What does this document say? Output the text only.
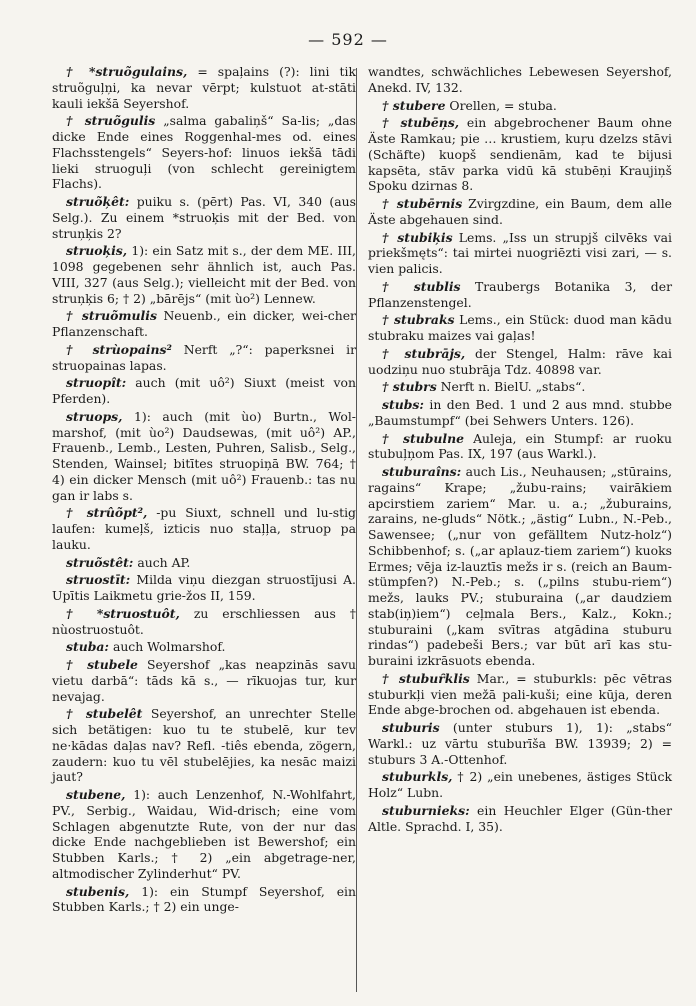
— 592 —

† *struõgulains, = spaļains (?): lini tik struõguļņi, ka nevar vērpt; kulstuot at-stāti kauli iekšā Seyershof.

† struõgulis „salma gabaliņš“ Sa-lis; „das dicke Ende eines Roggenhal-mes od. eines Flachsstengels“ Seyers-hof: linuos iekšā tādi lieki struoguļi (von schlecht gereinigtem Flachs).

struõķêt: puiku s. (pērt) Pas. VI, 340 (aus Selg.). Zu einem *struoķis mit der Bed. von struņķis 2?

struoķis, 1): ein Satz mit s., der dem ME. III, 1098 gegebenen sehr ähnlich ist, auch Pas. VIII, 327 (aus Selg.); vielleicht mit der Bed. von struņķis 6; † 2) „bārējs“ (mit ùo²) Lennew.

† struõmulis Neuenb., ein dicker, wei-cher Pflanzenschaft.

† strùopains² Nerft „?“: paperksnei ir struopainas lapas.

struopît: auch (mit uô²) Siuxt (meist von Pferden).

struops, 1): auch (mit ùo) Burtn., Wol-marshof, (mit ùo²) Daudsewas, (mit uô²) AP., Frauenb., Lemb., Lesten, Puhren, Salisb., Selg., Stenden, Wainsel; bitītes struopiņā BW. 764; † 4) ein dicker Mensch (mit uô²) Frauenb.: tas nu gan ir labs s.

† strûõpt², -pu Siuxt, schnell und lu-stig laufen: kumeļš, izticis nuo staļļa, struop pa lauku.

struõstêt: auch AP.

struostīt: Milda viņu diezgan struostījusi A. Upītis Laikmetu grie-žos II, 159.

† *struostuôt, zu erschliessen aus † nùostruostuôt.

stuba: auch Wolmarshof.

† stubele Seyershof „kas neapzinās savu vietu darbā“: tāds kā s., — rīkuojas tur, kur nevajag.

† stubelêt Seyershof, an unrechter Stelle sich betätigen: kuo tu te stubelē, kur tev ne·kādas daļas nav? Refl. -tiês ebenda, zögern, zaudern: kuo tu vēl stubelējies, ka nesāc maizi jaut?

stubene, 1): auch Lenzenhof, N.-Wohlfahrt, PV., Serbig., Waidau, Wid-drisch; eine vom Schlagen abgenutzte Rute, von der nur das dicke Ende nachgeblieben ist Bewershof; ein Stubben Karls.; † 2) „ein abgetrage-ner, altmodischer Zylinderhut“ PV.

stubenis, 1): ein Stumpf Seyershof, ein Stubben Karls.; † 2) ein unge-

wandtes, schwächliches Lebewesen Seyershof, Anekd. IV, 132.

† stubere Orellen, = stuba.

† stubēņs, ein abgebrochener Baum ohne Äste Ramkau; pie … krustiem, kuŗu dzelzs stāvi (Schäfte) kuopš sendienām, kad te bijusi kapsēta, stāv parka vidū kā stubēņi Kraujiņš Spoku dzirnas 8.

† stubērnis Zvirgzdine, ein Baum, dem alle Äste abgehauen sind.

† stubiķis Lems. „Iss un strupjš cilvēks vai priekšmęts“: tai mirtei nuogriēzti visi zari, — s. vien palicis.

† stublis Traubergs Botanika 3, der Pflanzenstengel.

† stubraks Lems., ein Stück: duod man kādu stubraku maizes vai gaļas!

† stubrājs, der Stengel, Halm: rāve kai uodziņu nuo stubrāja Tdz. 40898 var.

† stubrs Nerft n. BielU. „stabs“.

stubs: in den Bed. 1 und 2 aus mnd. stubbe „Baumstumpf“ (bei Sehwers Unters. 126).

† stubulne Auleja, ein Stumpf: ar ruoku stubuļņom Pas. IX, 197 (aus Warkl.).

stuburaîns: auch Lis., Neuhausen; „stūrains, ragains“ Krape; „žubu-rains; vairākiem apcirstiem zariem“ Mar. u. a.; „žuburains, zarains, ne-gluds“ Nötk.; „ästig“ Lubn., N.-Peb., Sawensee; („nur von gefälltem Nutz-holz“) Schibbenhof; s. („ar aplauz-tiem zariem“) kuoks Ermes; vēja iz-lauztīs mežs ir s. (reich an Baum-stümpfen?) N.-Peb.; s. („pilns stubu-riem“) mežs, lauks PV.; stuburaina („ar daudziem stab(iņ)iem“) ceļmala Bers., Kalz., Kokn.; stuburaini („kam svītras atgādina stuburu rindas“) padebeši Bers.; var būt arī kas stu-buraini izkrāsuots ebenda.

† stubuȓklis Mar., = stuburkls: pēc vētras stuburkļi vien mežā pali-kuši; eine kūja, deren Ende abge-brochen od. abgehauen ist ebenda.

stuburis (unter stuburs 1), 1): „stabs“ Warkl.: uz vārtu stuburīša BW. 13939; 2) = stuburs 3 A.-Ottenhof.

stuburkls, † 2) „ein unebenes, ästiges Stück Holz“ Lubn.

stuburnieks: ein Heuchler Elger (Gün-ther Altle. Sprachd. I, 35).
